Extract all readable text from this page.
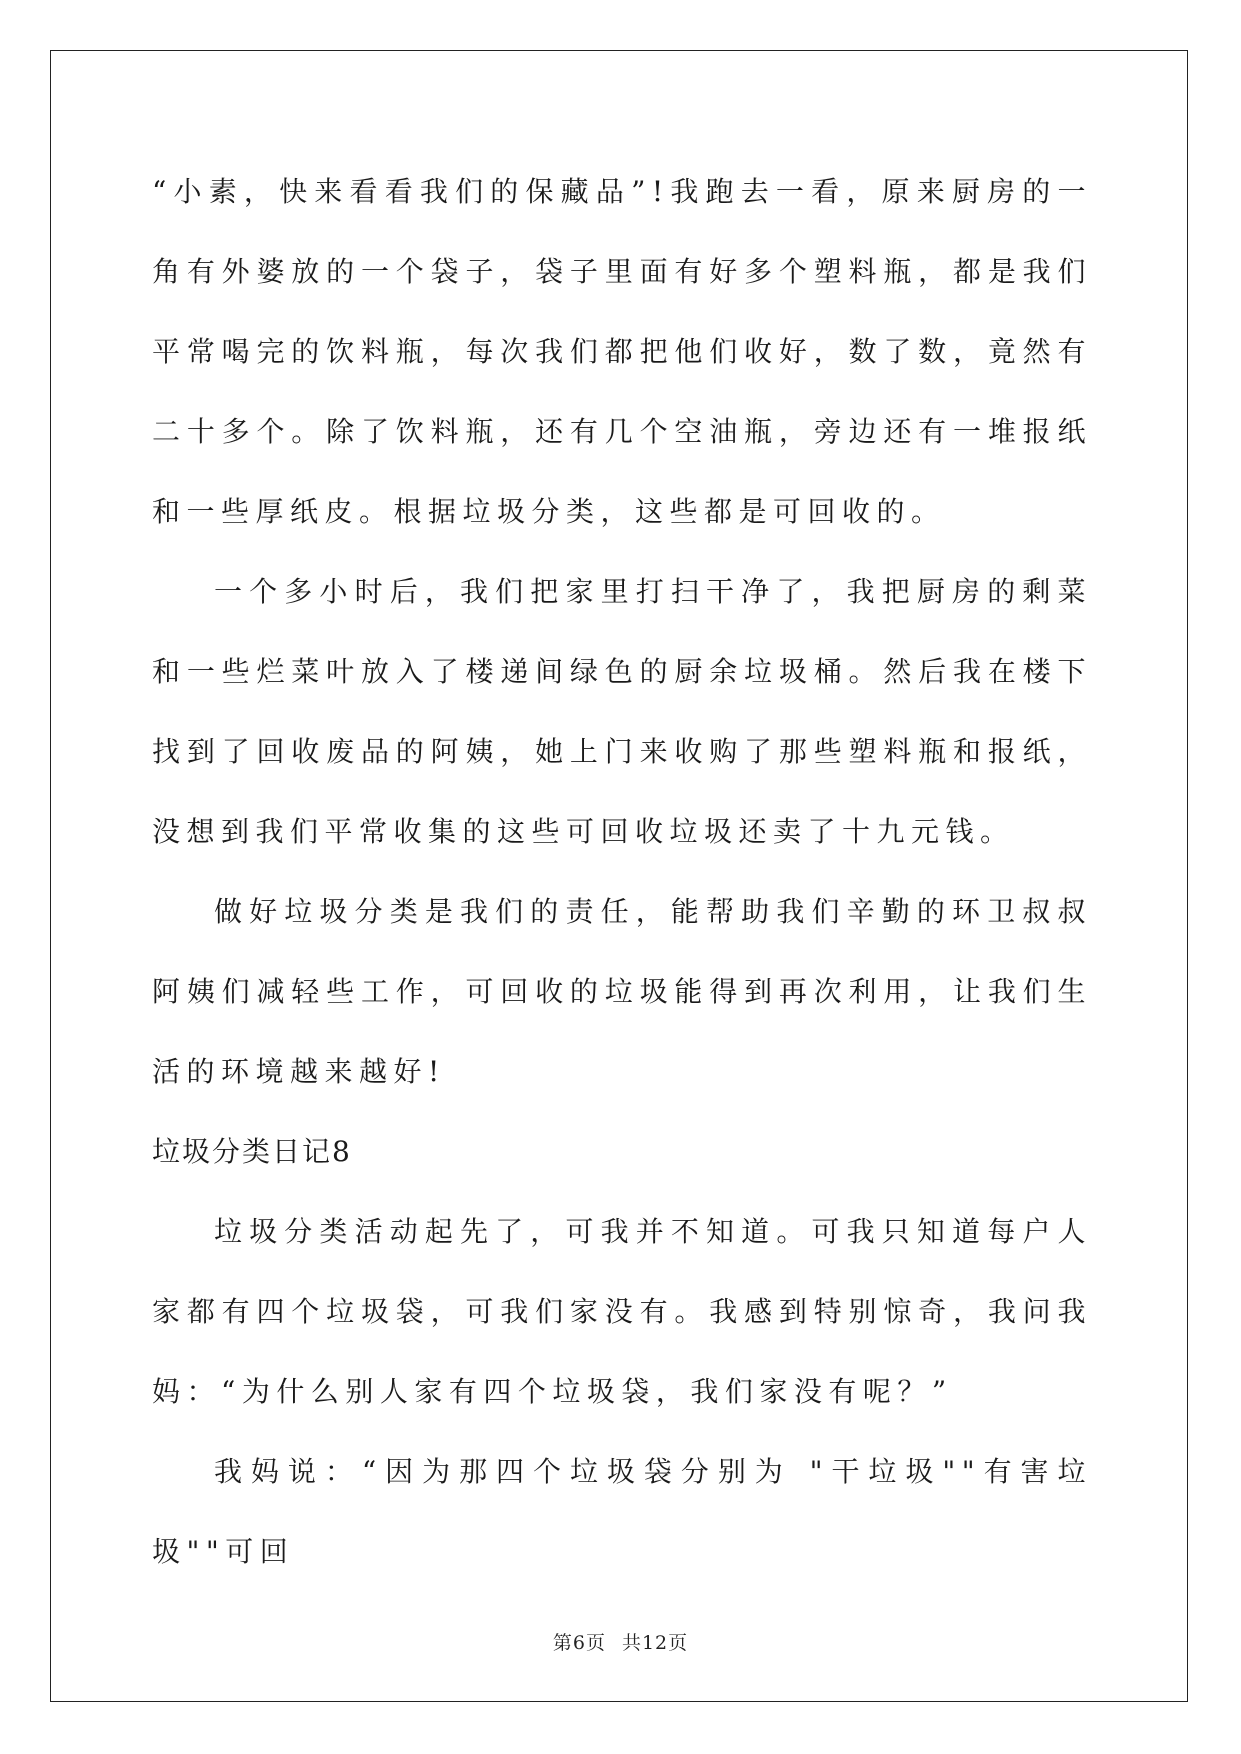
“小素，快来看看我们的保藏品”!我跑去一看，原来厨房的一角有外婆放的一个袋子，袋子里面有好多个塑料瓶，都是我们平常喝完的饮料瓶，每次我们都把他们收好，数了数，竟然有二十多个。除了饮料瓶，还有几个空油瓶，旁边还有一堆报纸和一些厚纸皮。根据垃圾分类，这些都是可回收的。

一个多小时后，我们把家里打扫干净了，我把厨房的剩菜和一些烂菜叶放入了楼递间绿色的厨余垃圾桶。然后我在楼下找到了回收废品的阿姨，她上门来收购了那些塑料瓶和报纸，没想到我们平常收集的这些可回收垃圾还卖了十九元钱。

做好垃圾分类是我们的责任，能帮助我们辛勤的环卫叔叔阿姨们减轻些工作，可回收的垃圾能得到再次利用，让我们生活的环境越来越好!

垃圾分类日记8

垃圾分类活动起先了，可我并不知道。可我只知道每户人家都有四个垃圾袋，可我们家没有。我感到特别惊奇，我问我妈：“为什么别人家有四个垃圾袋，我们家没有呢？”

我妈说：“因为那四个垃圾袋分别为 "干垃圾""有害垃圾""可回

第6页 共12页
